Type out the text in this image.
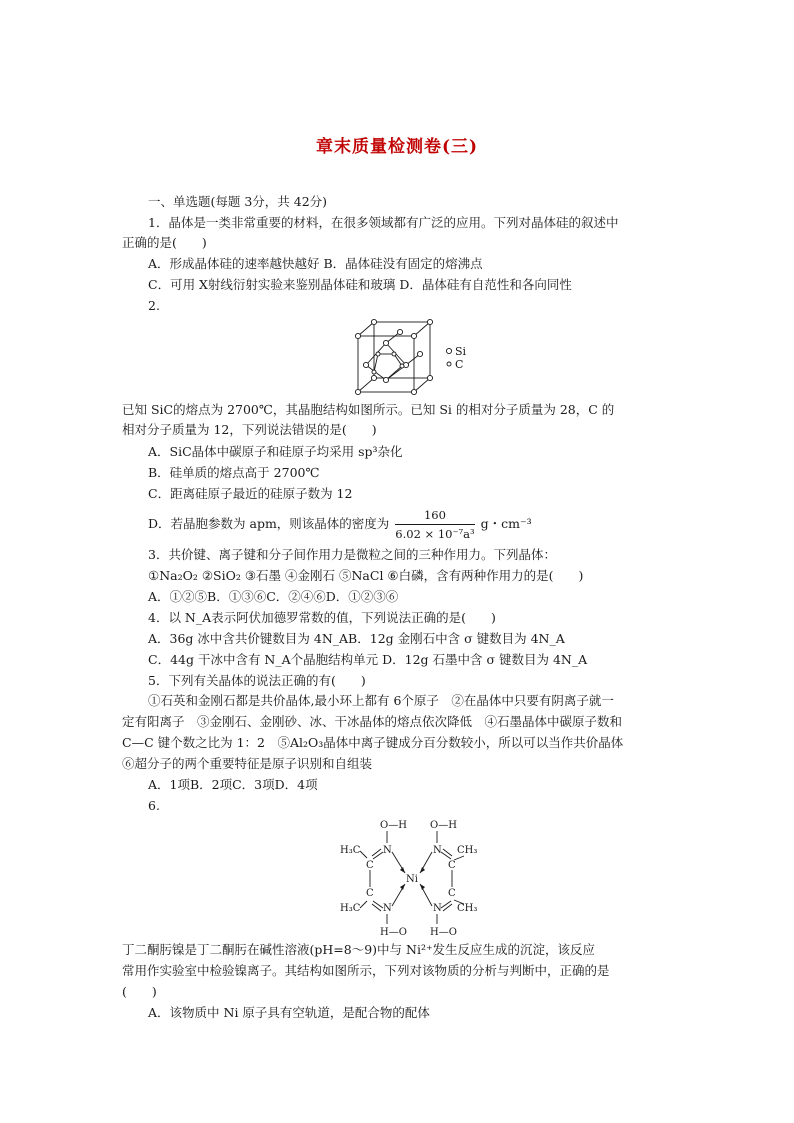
章末质量检测卷(三)
一、单选题(每题 3分，共 42分)
1．晶体是一类非常重要的材料，在很多领域都有广泛的应用。下列对晶体硅的叙述中
正确的是(　　)
A．形成晶体硅的速率越快越好 B．晶体硅没有固定的熔沸点
C．可用 X射线衍射实验来鉴别晶体硅和玻璃 D．晶体硅有自范性和各向同性
2.
Si
C
已知 SiC的熔点为 2700℃，其晶胞结构如图所示。已知 Si 的相对分子质量为 28，C 的
相对分子质量为 12，下列说法错误的是(　　)
A．SiC晶体中碳原子和硅原子均采用 sp³杂化
B．硅单质的熔点高于 2700℃
C．距离硅原子最近的硅原子数为 12
D．若晶胞参数为 apm，则该晶体的密度为 $\frac{160}{\text{6.02 × 10⁻⁷a³}}$ g・cm⁻³
3．共价键、离子键和分子间作用力是微粒之间的三种作用力。下列晶体：
①Na₂O₂ ②SiO₂ ③石墨 ④金刚石 ⑤NaCl ⑥白磷，含有两种作用力的是(　　)
A．①②⑤B．①③⑥C．②④⑥D．①②③⑥
4．以 N_A表示阿伏加德罗常数的值，下列说法正确的是(　　)
A．36g 冰中含共价键数目为 4N_AB．12g 金刚石中含 σ 键数目为 4N_A
C．44g 干冰中含有 N_A个晶胞结构单元 D．12g 石墨中含 σ 键数目为 4N_A
5．下列有关晶体的说法正确的有(　　)
①石英和金刚石都是共价晶体,最小环上都有 6个原子　②在晶体中只要有阴离子就一
定有阳离子　③金刚石、金刚砂、冰、干冰晶体的熔点依次降低　④石墨晶体中碳原子数和
C—C 键个数之比为 1：2　⑤Al₂O₃晶体中离子键成分百分数较小，所以可以当作共价晶体
⑥超分子的两个重要特征是原子识别和自组装
A．1项B．2项C．3项D．4项
6.
O—H O—H
N	N
H₃C	CH₃
C	C
Ni
C	C
H₃C	CH₃
N	N
H—O H—O
丁二酮肟镍是丁二酮肟在碱性溶液(pH=8～9)中与 Ni²⁺发生反应生成的沉淀，该反应
常用作实验室中检验镍离子。其结构如图所示，下列对该物质的分析与判断中，正确的是
(　　)
A．该物质中 Ni 原子具有空轨道，是配合物的配体
